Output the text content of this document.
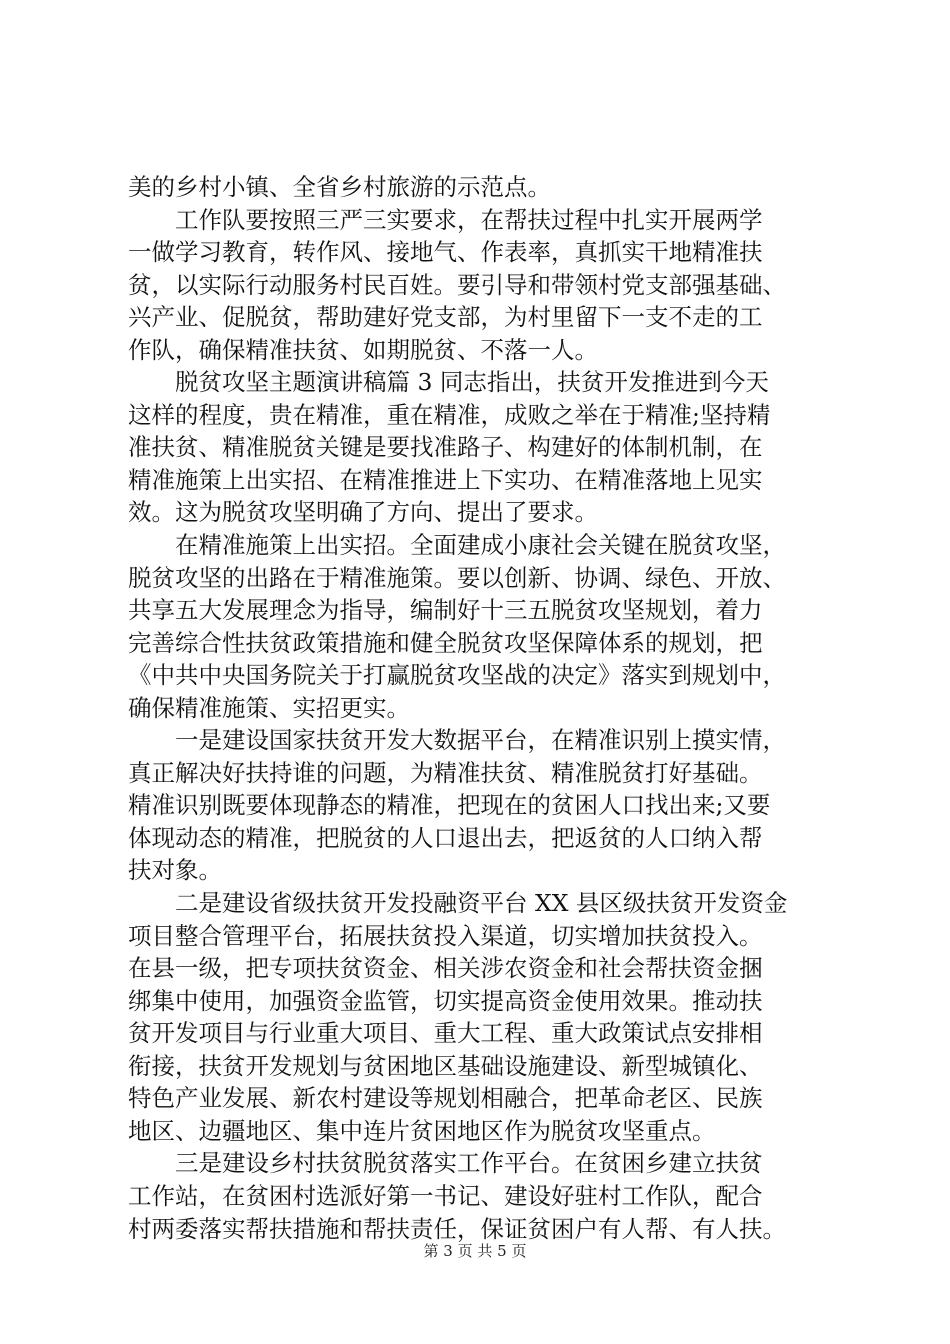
美的乡村小镇、全省乡村旅游的示范点。
　　工作队要按照三严三实要求，在帮扶过程中扎实开展两学
一做学习教育，转作风、接地气、作表率，真抓实干地精准扶
贫，以实际行动服务村民百姓。要引导和带领村党支部强基础、
兴产业、促脱贫，帮助建好党支部，为村里留下一支不走的工
作队，确保精准扶贫、如期脱贫、不落一人。
　　脱贫攻坚主题演讲稿篇 3 同志指出，扶贫开发推进到今天
这样的程度，贵在精准，重在精准，成败之举在于精准;坚持精
准扶贫、精准脱贫关键是要找准路子、构建好的体制机制，在
精准施策上出实招、在精准推进上下实功、在精准落地上见实
效。这为脱贫攻坚明确了方向、提出了要求。
　　在精准施策上出实招。全面建成小康社会关键在脱贫攻坚，
脱贫攻坚的出路在于精准施策。要以创新、协调、绿色、开放、
共享五大发展理念为指导，编制好十三五脱贫攻坚规划，着力
完善综合性扶贫政策措施和健全脱贫攻坚保障体系的规划，把
《中共中央国务院关于打赢脱贫攻坚战的决定》落实到规划中，
确保精准施策、实招更实。
　　一是建设国家扶贫开发大数据平台，在精准识别上摸实情，
真正解决好扶持谁的问题，为精准扶贫、精准脱贫打好基础。
精准识别既要体现静态的精准，把现在的贫困人口找出来;又要
体现动态的精准，把脱贫的人口退出去，把返贫的人口纳入帮
扶对象。
　　二是建设省级扶贫开发投融资平台 XX 县区级扶贫开发资金
项目整合管理平台，拓展扶贫投入渠道，切实增加扶贫投入。
在县一级，把专项扶贫资金、相关涉农资金和社会帮扶资金捆
绑集中使用，加强资金监管，切实提高资金使用效果。推动扶
贫开发项目与行业重大项目、重大工程、重大政策试点安排相
衔接，扶贫开发规划与贫困地区基础设施建设、新型城镇化、
特色产业发展、新农村建设等规划相融合，把革命老区、民族
地区、边疆地区、集中连片贫困地区作为脱贫攻坚重点。
　　三是建设乡村扶贫脱贫落实工作平台。在贫困乡建立扶贫
工作站，在贫困村选派好第一书记、建设好驻村工作队，配合
村两委落实帮扶措施和帮扶责任，保证贫困户有人帮、有人扶。
第 3 页 共 5 页
